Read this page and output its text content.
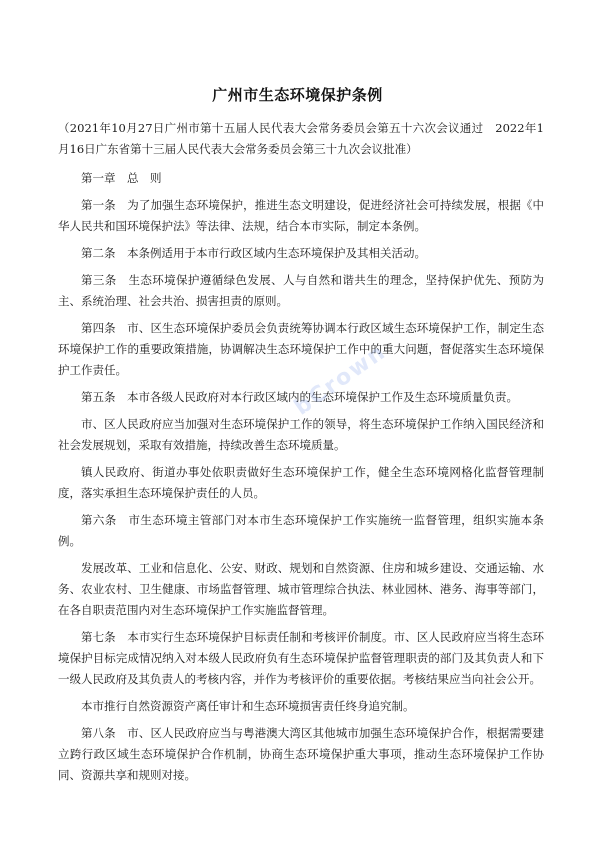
广州市生态环境保护条例

（2021年10月27日广州市第十五届人民代表大会常务委员会第五十六次会议通过　2022年1月16日广东省第十三届人民代表大会常务委员会第三十九次会议批准）

第一章　总　则

第一条　为了加强生态环境保护，推进生态文明建设，促进经济社会可持续发展，根据《中华人民共和国环境保护法》等法律、法规，结合本市实际，制定本条例。

第二条　本条例适用于本市行政区域内生态环境保护及其相关活动。

第三条　生态环境保护遵循绿色发展、人与自然和谐共生的理念，坚持保护优先、预防为主、系统治理、社会共治、损害担责的原则。

第四条　市、区生态环境保护委员会负责统筹协调本行政区域生态环境保护工作，制定生态环境保护工作的重要政策措施，协调解决生态环境保护工作中的重大问题，督促落实生态环境保护工作责任。

第五条　本市各级人民政府对本行政区域内的生态环境保护工作及生态环境质量负责。

市、区人民政府应当加强对生态环境保护工作的领导，将生态环境保护工作纳入国民经济和社会发展规划，采取有效措施，持续改善生态环境质量。

镇人民政府、街道办事处依职责做好生态环境保护工作，健全生态环境网格化监督管理制度，落实承担生态环境保护责任的人员。

第六条　市生态环境主管部门对本市生态环境保护工作实施统一监督管理，组织实施本条例。

发展改革、工业和信息化、公安、财政、规划和自然资源、住房和城乡建设、交通运输、水务、农业农村、卫生健康、市场监督管理、城市管理综合执法、林业园林、港务、海事等部门，在各自职责范围内对生态环境保护工作实施监督管理。

第七条　本市实行生态环境保护目标责任制和考核评价制度。市、区人民政府应当将生态环境保护目标完成情况纳入对本级人民政府负有生态环境保护监督管理职责的部门及其负责人和下一级人民政府及其负责人的考核内容，并作为考核评价的重要依据。考核结果应当向社会公开。

本市推行自然资源资产离任审计和生态环境损害责任终身追究制。

第八条　市、区人民政府应当与粤港澳大湾区其他城市加强生态环境保护合作，根据需要建立跨行政区域生态环境保护合作机制，协商生态环境保护重大事项，推动生态环境保护工作协同、资源共享和规则对接。

bCrown
